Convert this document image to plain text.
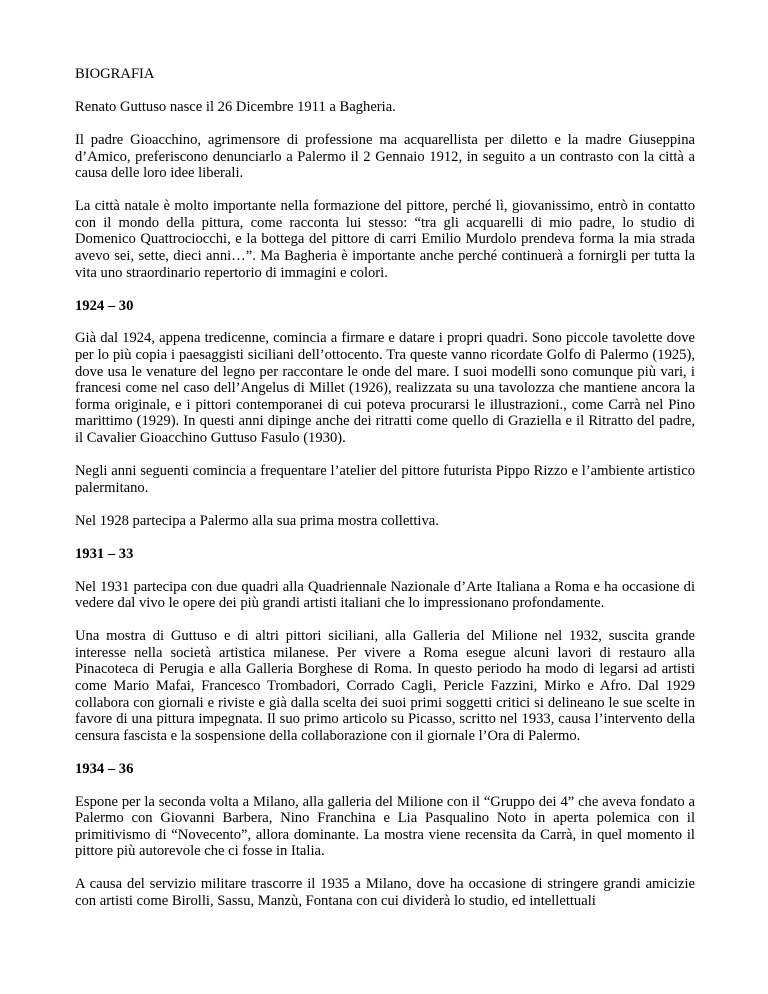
BIOGRAFIA

Renato Guttuso nasce il 26 Dicembre 1911 a Bagheria.

Il padre Gioacchino, agrimensore di professione ma acquarellista per diletto e la madre Giuseppina d’Amico, preferiscono denunciarlo a Palermo il 2 Gennaio 1912, in seguito a un contrasto con la città a causa delle loro idee liberali.

La città natale è molto importante nella formazione del pittore, perché lì, giovanissimo, entrò in contatto con il mondo della pittura, come racconta lui stesso: “tra gli acquarelli di mio padre, lo studio di Domenico Quattrociocchi, e la bottega del pittore di carri Emilio Murdolo prendeva forma la mia strada avevo sei, sette, dieci anni…”. Ma Bagheria è importante anche perché continuerà a fornirgli per tutta la vita uno straordinario repertorio di immagini e colori.

1924 – 30

Già dal 1924, appena tredicenne, comincia a firmare e datare i propri quadri. Sono piccole tavolette dove per lo più copia i paesaggisti siciliani dell’ottocento. Tra queste vanno ricordate Golfo di Palermo (1925), dove usa le venature del legno per raccontare le onde del mare. I suoi modelli sono comunque più vari, i francesi come nel caso dell’Angelus di Millet (1926), realizzata su una tavolozza che mantiene ancora la forma originale, e i pittori contemporanei di cui poteva procurarsi le illustrazioni., come Carrà nel Pino marittimo (1929). In questi anni dipinge anche dei ritratti come quello di Graziella e il Ritratto del padre, il Cavalier Gioacchino Guttuso Fasulo (1930).

Negli anni seguenti comincia a frequentare l’atelier del pittore futurista Pippo Rizzo e l’ambiente artistico palermitano.

Nel 1928 partecipa a Palermo alla sua prima mostra collettiva.

1931 – 33

Nel 1931 partecipa con due quadri alla Quadriennale Nazionale d’Arte Italiana a Roma e ha occasione di vedere dal vivo le opere dei più grandi artisti italiani che lo impressionano profondamente.

Una mostra di Guttuso e di altri pittori siciliani, alla Galleria del Milione nel 1932, suscita grande interesse nella società artistica milanese. Per vivere a Roma esegue alcuni lavori di restauro alla Pinacoteca di Perugia e alla Galleria Borghese di Roma. In questo periodo ha modo di legarsi ad artisti come Mario Mafai, Francesco Trombadori, Corrado Cagli, Pericle Fazzini, Mirko e Afro. Dal 1929 collabora con giornali e riviste e già dalla scelta dei suoi primi soggetti critici si delineano le sue scelte in favore di una pittura impegnata. Il suo primo articolo su Picasso, scritto nel 1933, causa l’intervento della censura fascista e la sospensione della collaborazione con il giornale l’Ora di Palermo.

1934 – 36

Espone per la seconda volta a Milano, alla galleria del Milione con il “Gruppo dei 4” che aveva fondato a Palermo con Giovanni Barbera, Nino Franchina e Lia Pasqualino Noto in aperta polemica con il primitivismo di “Novecento”, allora dominante. La mostra viene recensita da Carrà, in quel momento il pittore più autorevole che ci fosse in Italia.

A causa del servizio militare trascorre il 1935 a Milano, dove ha occasione di stringere grandi amicizie con artisti come Birolli, Sassu, Manzù, Fontana con cui dividerà lo studio, ed intellettuali
